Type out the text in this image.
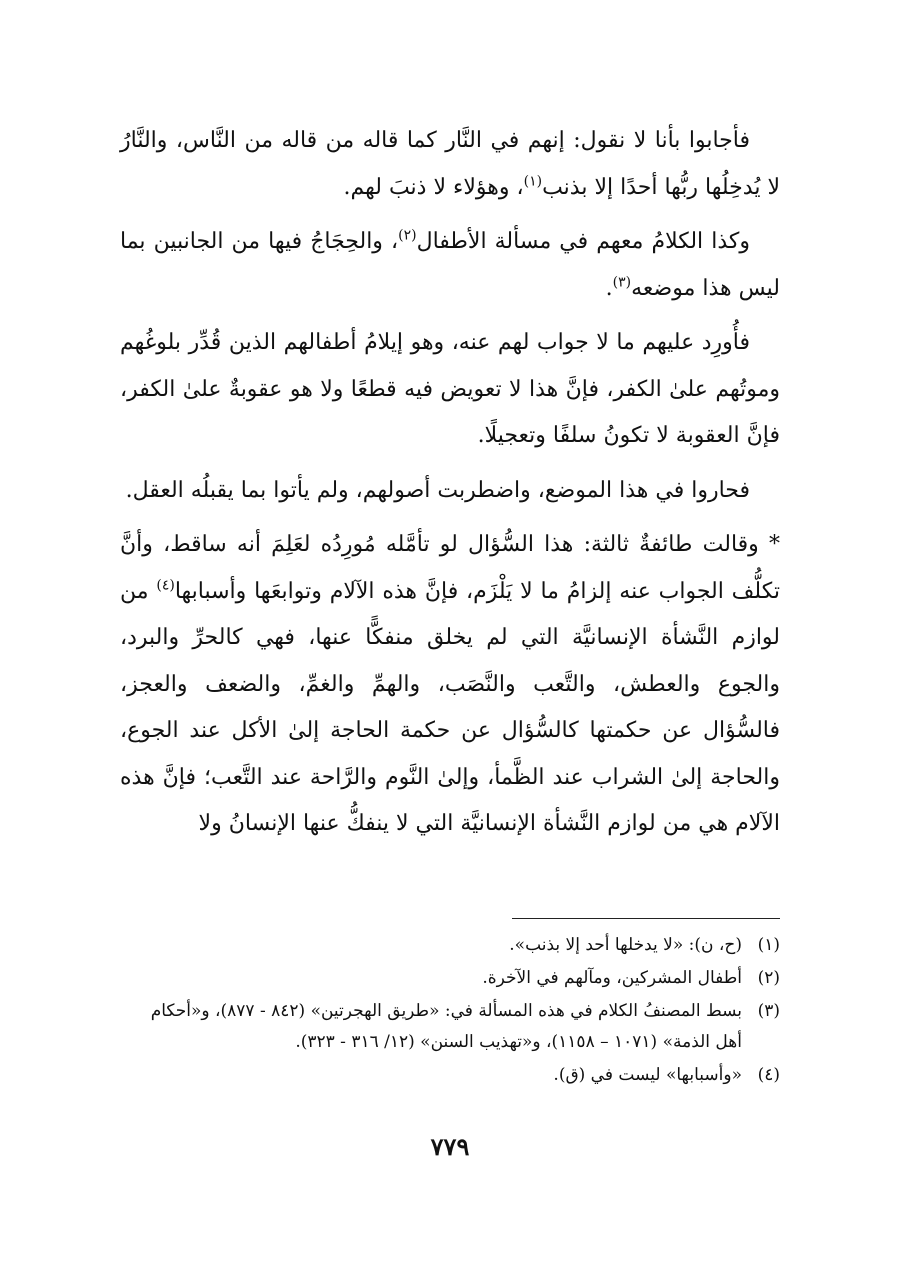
فأجابوا بأنا لا نقول: إنهم في النَّار كما قاله من قاله من النَّاس، والنَّارُ لا يُدخِلُها ربُّها أحدًا إلا بذنب$^{(١)}$، وهؤلاء لا ذنبَ لهم.

وكذا الكلامُ معهم في مسألة الأطفال$^{(٢)}$، والحِجَاجُ فيها من الجانبين بما ليس هذا موضعه$^{(٣)}$.

فأُورِد عليهم ما لا جواب لهم عنه، وهو إيلامُ أطفالهم الذين قُدِّر بلوغُهم وموتُهم علىٰ الكفر، فإنَّ هذا لا تعويض فيه قطعًا ولا هو عقوبةٌ علىٰ الكفر، فإنَّ العقوبة لا تكونُ سلفًا وتعجيلًا.

فحاروا في هذا الموضع، واضطربت أصولهم، ولم يأتوا بما يقبلُه العقل.

* وقالت طائفةٌ ثالثة: هذا السُّؤال لو تأمَّله مُورِدُه لعَلِمَ أنه ساقط، وأنَّ تكلُّف الجواب عنه إلزامُ ما لا يَلْزَم، فإنَّ هذه الآلام وتوابعَها وأسبابها$^{(٤)}$ من لوازم النَّشأة الإنسانيَّة التي لم يخلق منفكًّا عنها، فهي كالحرِّ والبرد، والجوع والعطش، والتَّعب والنَّصَب، والهمِّ والغمِّ، والضعف والعجز، فالسُّؤال عن حكمتها كالسُّؤال عن حكمة الحاجة إلىٰ الأكل عند الجوع، والحاجة إلىٰ الشراب عند الظَّمأ، وإلىٰ النَّوم والرَّاحة عند التَّعب؛ فإنَّ هذه الآلام هي من لوازم النَّشأة الإنسانيَّة التي لا ينفكُّ عنها الإنسانُ ولا

(١)
(ح، ن): «لا يدخلها أحد إلا بذنب».
(٢)
أطفال المشركين، ومآلهم في الآخرة.
(٣)
بسط المصنفُ الكلام في هذه المسألة في: «طريق الهجرتين» (٨٤٢ - ٨٧٧)، و«أحكام أهل الذمة» (١٠٧١ – ١١٥٨)، و«تهذيب السنن» (١٢/ ٣١٦ - ٣٢٣).
(٤)
«وأسبابها» ليست في (ق).
٧٧٩
